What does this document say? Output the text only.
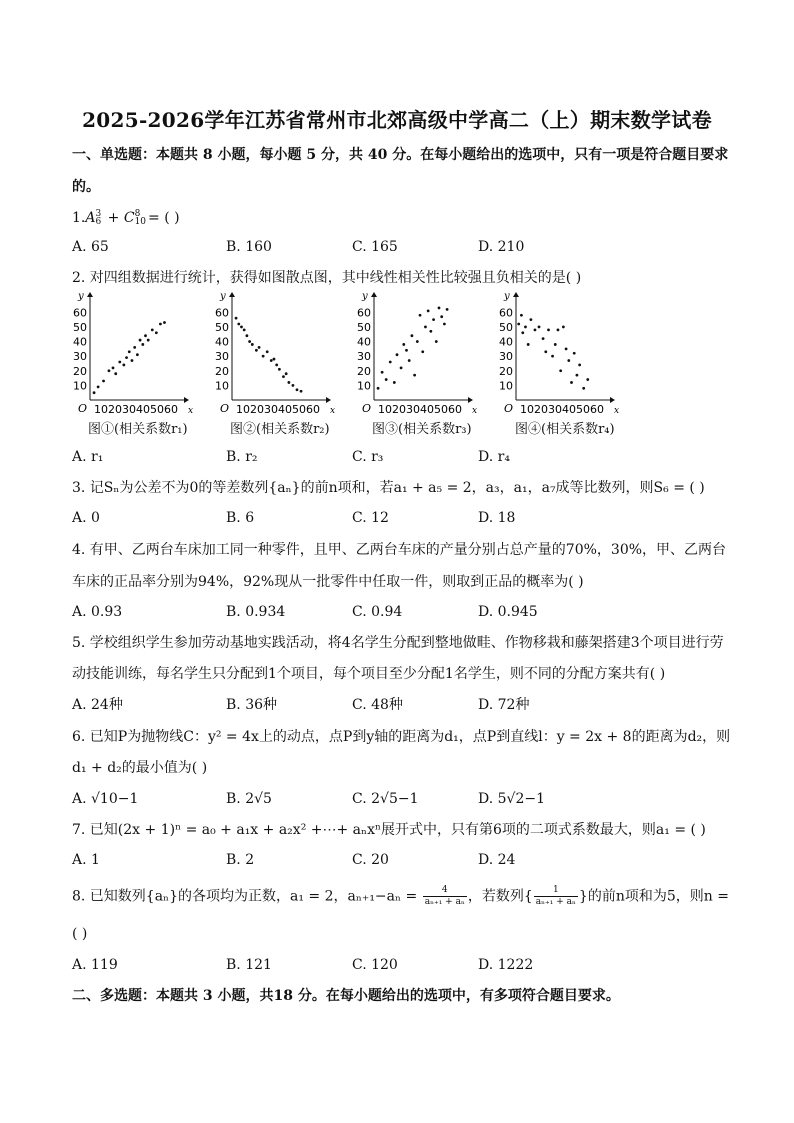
2025-2026学年江苏省常州市北郊高级中学高二（上）期末数学试卷
一、单选题：本题共 8 小题，每小题 5 分，共 40 分。在每小题给出的选项中，只有一项是符合题目要求
的。
1.A 3
6 + C 8
10 = ( )
A. 65	B. 160	C. 165	D. 210
2. 对四组数据进行统计，获得如图散点图，其中线性相关性比较强且负相关的是( )
x
y
O
60
50
40
30
20
10
102030405060	x
y
O
60
50
40
30
20
10
102030405060	x
y
O
60
50
40
30
20
10
102030405060	x
y
O
60
50
40
30
20
10
102030405060
图①(相关系数r₁)	图②(相关系数r₂)	图③(相关系数r₃)	图④(相关系数r₄)
A. r₁	B. r₂	C. r₃	D. r₄
3. 记Sₙ为公差不为0的等差数列{aₙ}的前n项和，若a₁ + a₅ = 2，a₃，a₁，a₇成等比数列，则S₆ = ( )
A. 0	B. 6	C. 12	D. 18
4. 有甲、乙两台车床加工同一种零件，且甲、乙两台车床的产量分别占总产量的70%，30%，甲、乙两台
车床的正品率分别为94%，92%现从一批零件中任取一件，则取到正品的概率为( )
A. 0.93	B. 0.934	C. 0.94	D. 0.945
5. 学校组织学生参加劳动基地实践活动，将4名学生分配到整地做畦、作物移栽和藤架搭建3个项目进行劳
动技能训练，每名学生只分配到1个项目，每个项目至少分配1名学生，则不同的分配方案共有( )
A. 24种	B. 36种	C. 48种	D. 72种
6. 已知P为抛物线C：y² = 4x上的动点，点P到y轴的距离为d₁，点P到直线l：y = 2x + 8的距离为d₂，则
d₁ + d₂的最小值为( )
A. √10−1	B. 2√5	C. 2√5−1	D. 5√2−1
7. 已知(2x + 1)ⁿ = a₀ + a₁x + a₂x² +⋯+ aₙxⁿ展开式中，只有第6项的二项式系数最大，则a₁ = ( )
A. 1	B. 2	C. 20	D. 24
8. 已知数列{aₙ}的各项均为正数，a₁ = 2，$a_{n+1}-a_n = \frac{4}{\text{aₙ₊₁ + aₙ}}$ ，若数列{ $\frac{1}{\text{aₙ₊₁ + aₙ}}$ }的前n项和为5，则n =
( )
A. 119	B. 121	C. 120	D. 1222
二、多选题：本题共 3 小题，共18 分。在每小题给出的选项中，有多项符合题目要求。
